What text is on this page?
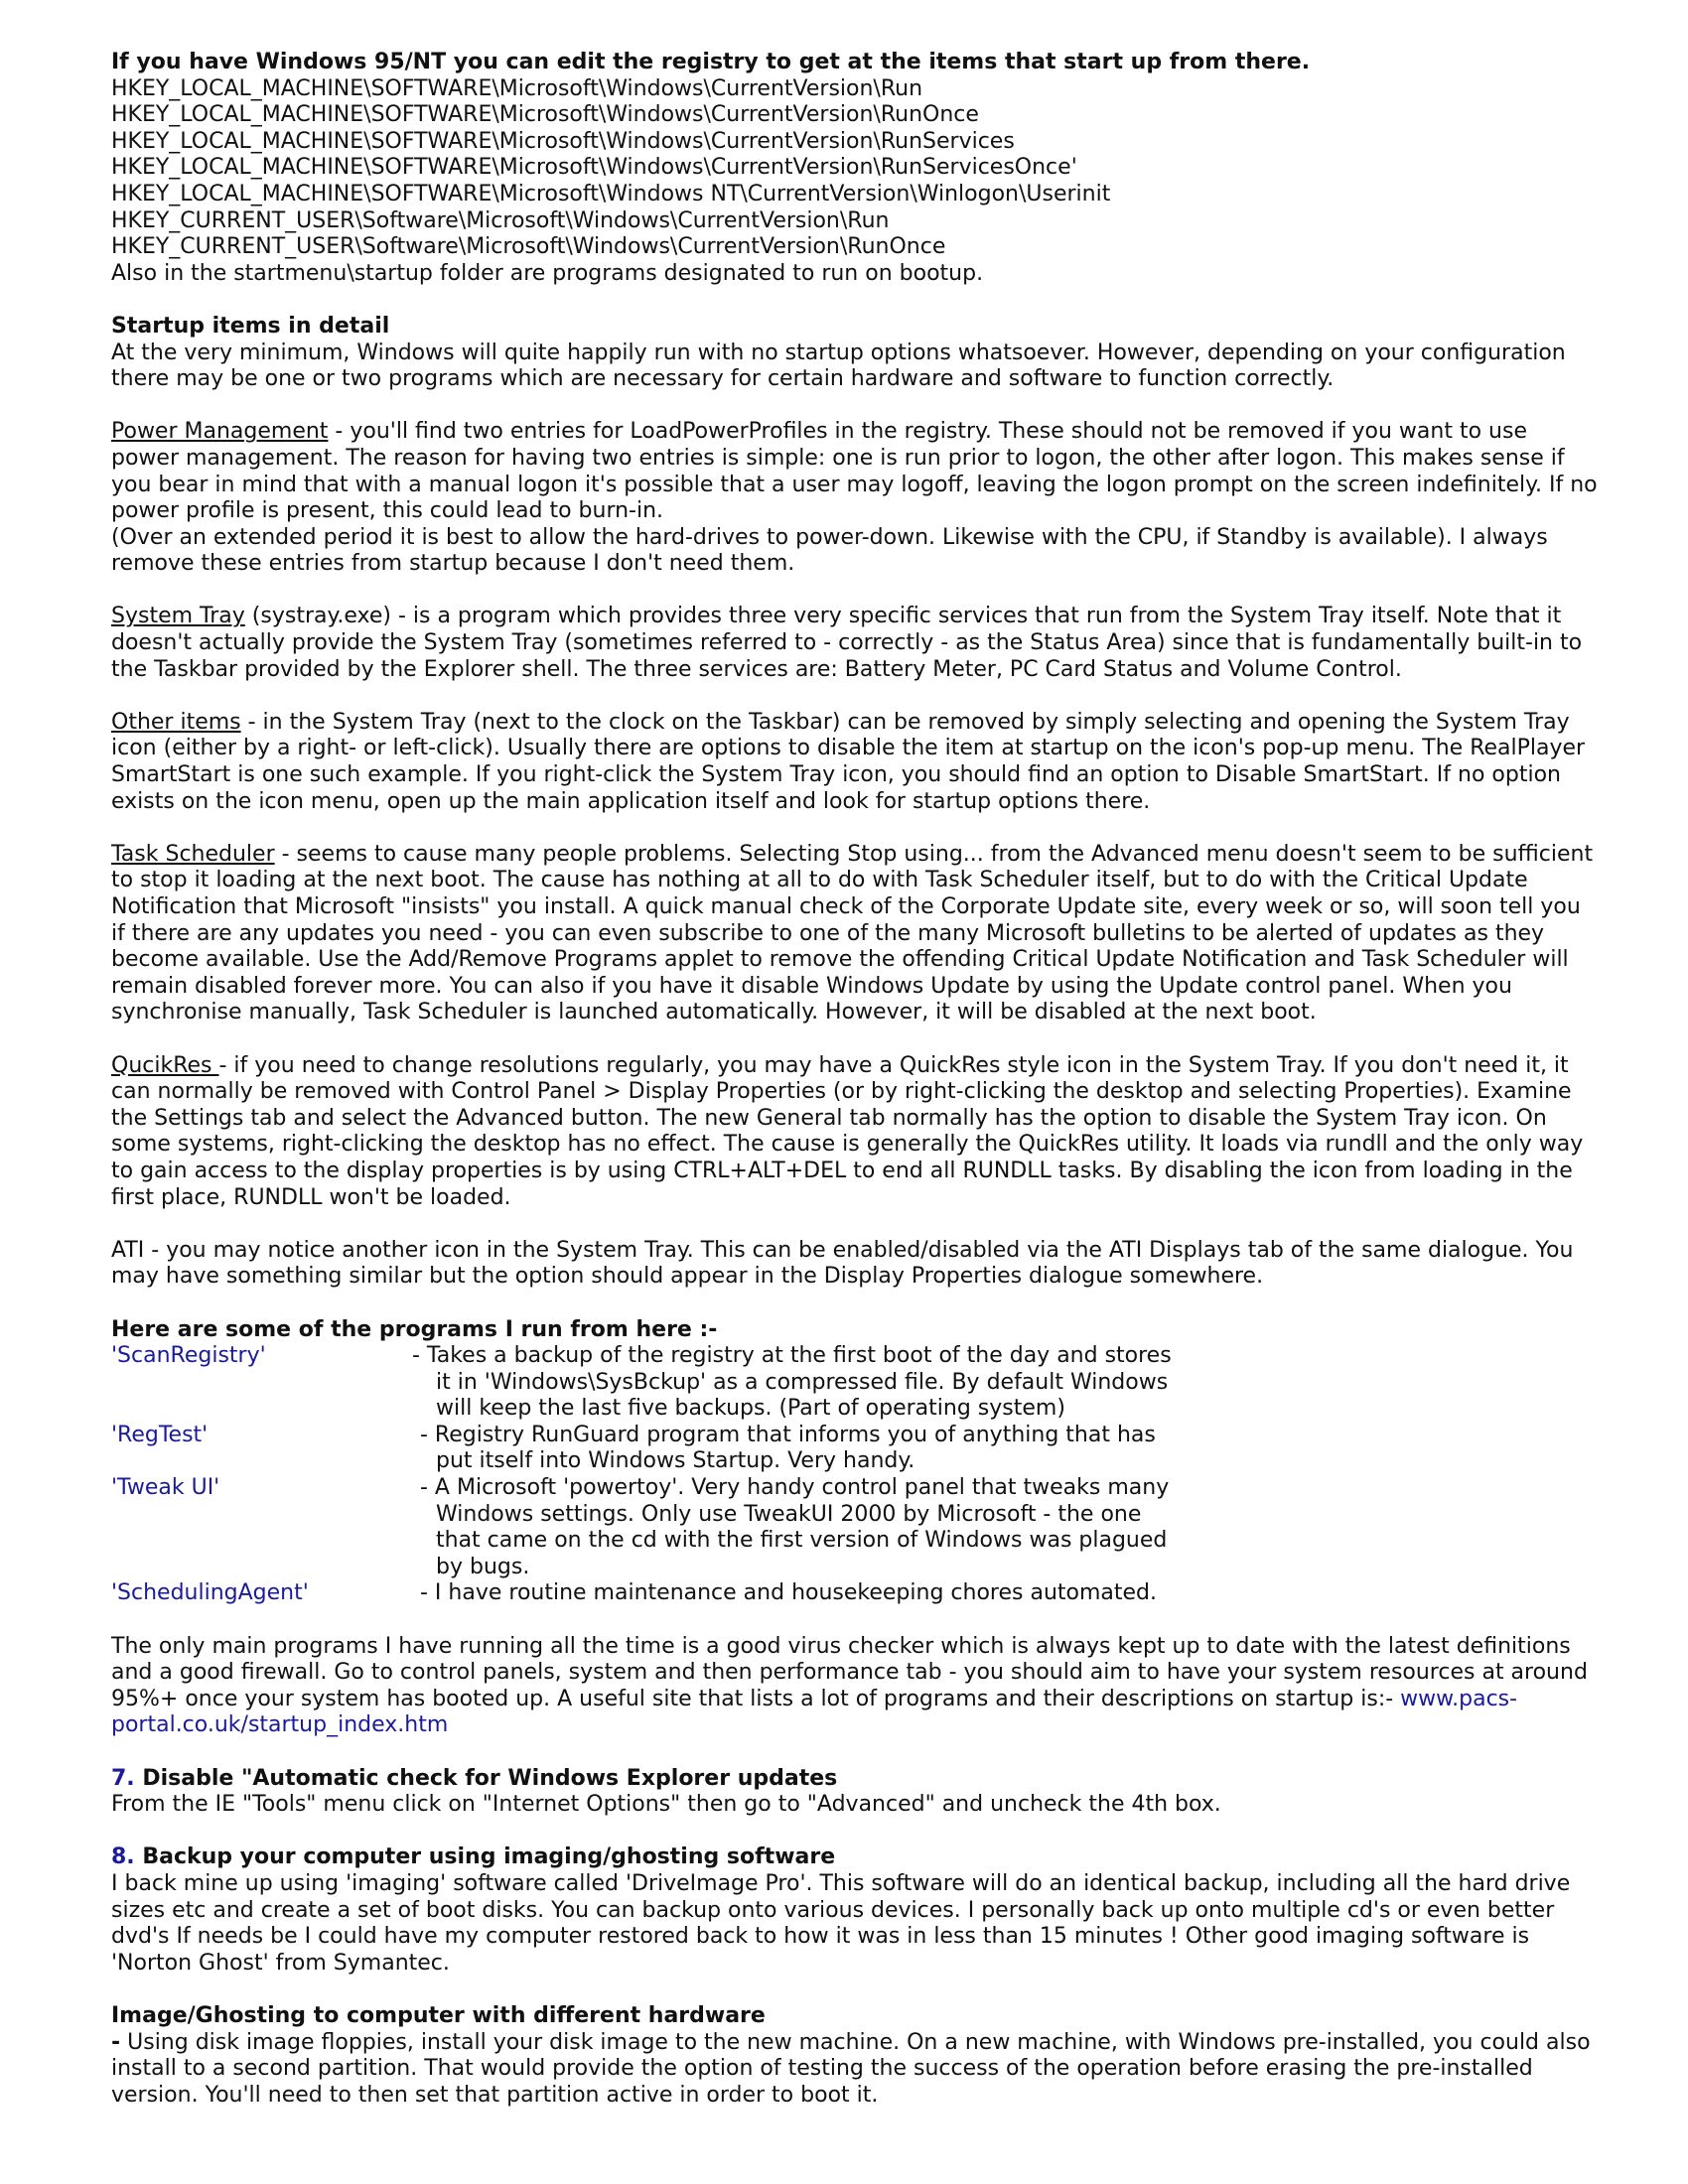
If you have Windows 95/NT you can edit the registry to get at the items that start up from there.

HKEY_LOCAL_MACHINE\SOFTWARE\Microsoft\Windows\CurrentVersion\Run
HKEY_LOCAL_MACHINE\SOFTWARE\Microsoft\Windows\CurrentVersion\RunOnce
HKEY_LOCAL_MACHINE\SOFTWARE\Microsoft\Windows\CurrentVersion\RunServices
HKEY_LOCAL_MACHINE\SOFTWARE\Microsoft\Windows\CurrentVersion\RunServicesOnce'
HKEY_LOCAL_MACHINE\SOFTWARE\Microsoft\Windows NT\CurrentVersion\Winlogon\Userinit
HKEY_CURRENT_USER\Software\Microsoft\Windows\CurrentVersion\Run
HKEY_CURRENT_USER\Software\Microsoft\Windows\CurrentVersion\RunOnce

Also in the startmenu\startup folder are programs designated to run on bootup.

Startup items in detail

At the very minimum, Windows will quite happily run with no startup options whatsoever. However, depending on your configuration there may be one or two programs which are necessary for certain hardware and software to function correctly.

Power Management - you'll find two entries for LoadPowerProfiles in the registry. These should not be removed if you want to use power management. The reason for having two entries is simple: one is run prior to logon, the other after logon. This makes sense if you bear in mind that with a manual logon it's possible that a user may logoff, leaving the logon prompt on the screen indefinitely. If no power profile is present, this could lead to burn-in.

(Over an extended period it is best to allow the hard-drives to power-down. Likewise with the CPU, if Standby is available). I always remove these entries from startup because I don't need them.

System Tray (systray.exe) - is a program which provides three very specific services that run from the System Tray itself. Note that it doesn't actually provide the System Tray (sometimes referred to - correctly - as the Status Area) since that is fundamentally built-in to the Taskbar provided by the Explorer shell. The three services are: Battery Meter, PC Card Status and Volume Control.

Other items - in the System Tray (next to the clock on the Taskbar) can be removed by simply selecting and opening the System Tray icon (either by a right- or left-click). Usually there are options to disable the item at startup on the icon's pop-up menu. The RealPlayer SmartStart is one such example. If you right-click the System Tray icon, you should find an option to Disable SmartStart. If no option exists on the icon menu, open up the main application itself and look for startup options there.

Task Scheduler - seems to cause many people problems. Selecting Stop using... from the Advanced menu doesn't seem to be sufficient to stop it loading at the next boot. The cause has nothing at all to do with Task Scheduler itself, but to do with the Critical Update Notification that Microsoft "insists" you install. A quick manual check of the Corporate Update site, every week or so, will soon tell you if there are any updates you need - you can even subscribe to one of the many Microsoft bulletins to be alerted of updates as they become available. Use the Add/Remove Programs applet to remove the offending Critical Update Notification and Task Scheduler will remain disabled forever more. You can also if you have it disable Windows Update by using the Update control panel. When you synchronise manually, Task Scheduler is launched automatically. However, it will be disabled at the next boot.

QucikRes - if you need to change resolutions regularly, you may have a QuickRes style icon in the System Tray. If you don't need it, it can normally be removed with Control Panel > Display Properties (or by right-clicking the desktop and selecting Properties). Examine the Settings tab and select the Advanced button. The new General tab normally has the option to disable the System Tray icon. On some systems, right-clicking the desktop has no effect. The cause is generally the QuickRes utility. It loads via rundll and the only way to gain access to the display properties is by using CTRL+ALT+DEL to end all RUNDLL tasks. By disabling the icon from loading in the first place, RUNDLL won't be loaded.

ATI - you may notice another icon in the System Tray. This can be enabled/disabled via the ATI Displays tab of the same dialogue. You may have something similar but the option should appear in the Display Properties dialogue somewhere.

Here are some of the programs I run from here :-

'ScanRegistry'	- Takes a backup of the registry at the first boot of the day and stores
it in 'Windows\SysBckup' as a compressed file. By default Windows
will keep the last five backups. (Part of operating system)
'RegTest'	- Registry RunGuard program that informs you of anything that has
put itself into Windows Startup. Very handy.
'Tweak UI'	- A Microsoft 'powertoy'. Very handy control panel that tweaks many
Windows settings. Only use TweakUI 2000 by Microsoft - the one
that came on the cd with the first version of Windows was plagued
by bugs.
'SchedulingAgent'	- I have routine maintenance and housekeeping chores automated.

The only main programs I have running all the time is a good virus checker which is always kept up to date with the latest definitions and a good firewall. Go to control panels, system and then performance tab - you should aim to have your system resources at around 95%+ once your system has booted up. A useful site that lists a lot of programs and their descriptions on startup is:- www.pacs-portal.co.uk/startup_index.htm

7. Disable "Automatic check for Windows Explorer updates

From the IE "Tools" menu click on "Internet Options" then go to "Advanced" and uncheck the 4th box.

8. Backup your computer using imaging/ghosting software

I back mine up using 'imaging' software called 'DriveImage Pro'. This software will do an identical backup, including all the hard drive sizes etc and create a set of boot disks. You can backup onto various devices. I personally back up onto multiple cd's or even better dvd's If needs be I could have my computer restored back to how it was in less than 15 minutes ! Other good imaging software is 'Norton Ghost' from Symantec.

Image/Ghosting to computer with different hardware

- Using disk image floppies, install your disk image to the new machine. On a new machine, with Windows pre-installed, you could also install to a second partition. That would provide the option of testing the success of the operation before erasing the pre-installed version. You'll need to then set that partition active in order to boot it.
